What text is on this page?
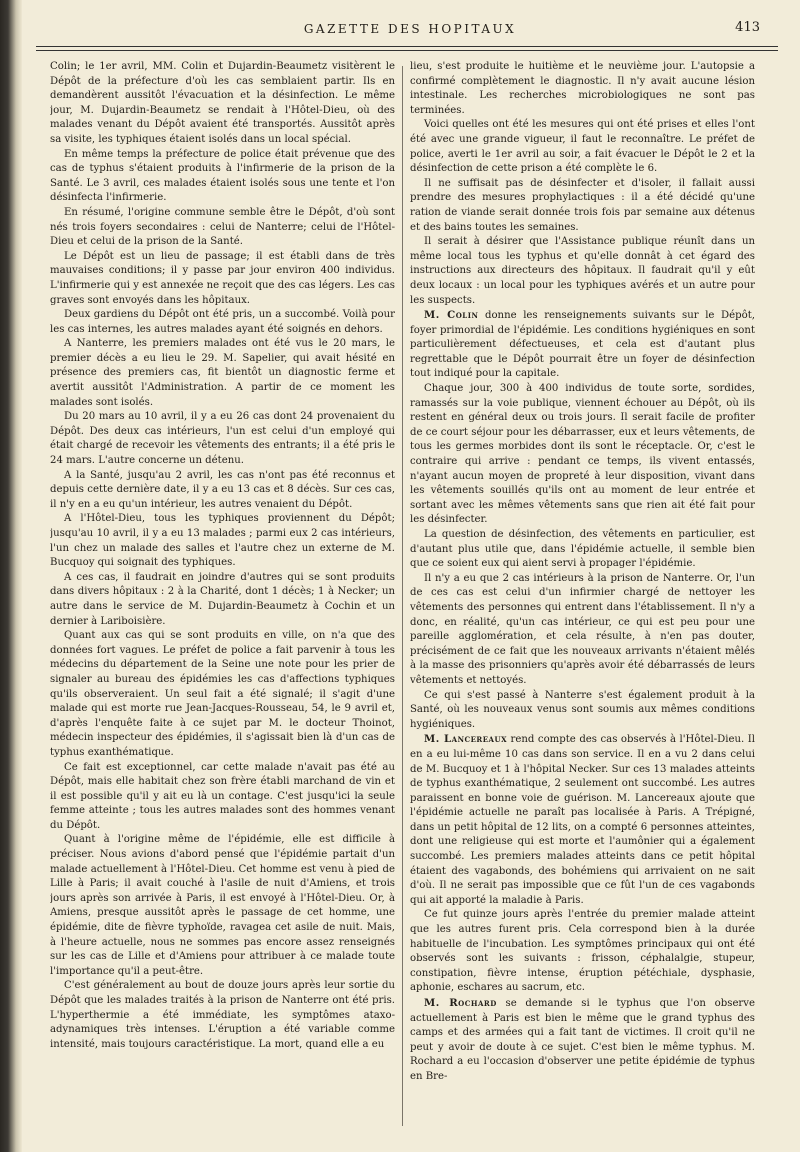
GAZETTE DES HOPITAUX	413

Colin; le 1er avril, MM. Colin et Dujardin-Beaumetz visitèrent le Dépôt de la préfecture d'où les cas semblaient partir. Ils en demandèrent aussitôt l'évacuation et la désinfection. Le même jour, M. Dujardin-Beaumetz se rendait à l'Hôtel-Dieu, où des malades venant du Dépôt avaient été transportés. Aussitôt après sa visite, les typhiques étaient isolés dans un local spécial.

En même temps la préfecture de police était prévenue que des cas de typhus s'étaient produits à l'infirmerie de la prison de la Santé. Le 3 avril, ces malades étaient isolés sous une tente et l'on désinfecta l'infirmerie.

En résumé, l'origine commune semble être le Dépôt, d'où sont nés trois foyers secondaires : celui de Nanterre; celui de l'Hôtel-Dieu et celui de la prison de la Santé.

Le Dépôt est un lieu de passage; il est établi dans de très mauvaises conditions; il y passe par jour environ 400 individus. L'infirmerie qui y est annexée ne reçoit que des cas légers. Les cas graves sont envoyés dans les hôpitaux.

Deux gardiens du Dépôt ont été pris, un a succombé. Voilà pour les cas internes, les autres malades ayant été soignés en dehors.

A Nanterre, les premiers malades ont été vus le 20 mars, le premier décès a eu lieu le 29. M. Sapelier, qui avait hésité en présence des premiers cas, fit bientôt un diagnostic ferme et avertit aussitôt l'Administration. A partir de ce moment les malades sont isolés.

Du 20 mars au 10 avril, il y a eu 26 cas dont 24 provenaient du Dépôt. Des deux cas intérieurs, l'un est celui d'un employé qui était chargé de recevoir les vêtements des entrants; il a été pris le 24 mars. L'autre concerne un détenu.

A la Santé, jusqu'au 2 avril, les cas n'ont pas été reconnus et depuis cette dernière date, il y a eu 13 cas et 8 décès. Sur ces cas, il n'y en a eu qu'un intérieur, les autres venaient du Dépôt.

A l'Hôtel-Dieu, tous les typhiques proviennent du Dépôt; jusqu'au 10 avril, il y a eu 13 malades ; parmi eux 2 cas intérieurs, l'un chez un malade des salles et l'autre chez un externe de M. Bucquoy qui soignait des typhiques.

A ces cas, il faudrait en joindre d'autres qui se sont produits dans divers hôpitaux : 2 à la Charité, dont 1 décès; 1 à Necker; un autre dans le service de M. Dujardin-Beaumetz à Cochin et un dernier à Lariboisière.

Quant aux cas qui se sont produits en ville, on n'a que des données fort vagues. Le préfet de police a fait parvenir à tous les médecins du département de la Seine une note pour les prier de signaler au bureau des épidémies les cas d'affections typhiques qu'ils observeraient. Un seul fait a été signalé; il s'agit d'une malade qui est morte rue Jean-Jacques-Rousseau, 54, le 9 avril et, d'après l'enquête faite à ce sujet par M. le docteur Thoinot, médecin inspecteur des épidémies, il s'agissait bien là d'un cas de typhus exanthématique.

Ce fait est exceptionnel, car cette malade n'avait pas été au Dépôt, mais elle habitait chez son frère établi marchand de vin et il est possible qu'il y ait eu là un contage. C'est jusqu'ici la seule femme atteinte ; tous les autres malades sont des hommes venant du Dépôt.

Quant à l'origine même de l'épidémie, elle est difficile à préciser. Nous avions d'abord pensé que l'épidémie partait d'un malade actuellement à l'Hôtel-Dieu. Cet homme est venu à pied de Lille à Paris; il avait couché à l'asile de nuit d'Amiens, et trois jours après son arrivée à Paris, il est envoyé à l'Hôtel-Dieu. Or, à Amiens, presque aussitôt après le passage de cet homme, une épidémie, dite de fièvre typhoïde, ravagea cet asile de nuit. Mais, à l'heure actuelle, nous ne sommes pas encore assez renseignés sur les cas de Lille et d'Amiens pour attribuer à ce malade toute l'importance qu'il a peut-être.

C'est généralement au bout de douze jours après leur sortie du Dépôt que les malades traités à la prison de Nanterre ont été pris. L'hyperthermie a été immédiate, les symptômes ataxo-adynamiques très intenses. L'éruption a été variable comme intensité, mais toujours caractéristique. La mort, quand elle a eu

lieu, s'est produite le huitième et le neuvième jour. L'autopsie a confirmé complètement le diagnostic. Il n'y avait aucune lésion intestinale. Les recherches microbiologiques ne sont pas terminées.

Voici quelles ont été les mesures qui ont été prises et elles l'ont été avec une grande vigueur, il faut le reconnaître. Le préfet de police, averti le 1er avril au soir, a fait évacuer le Dépôt le 2 et la désinfection de cette prison a été complète le 6.

Il ne suffisait pas de désinfecter et d'isoler, il fallait aussi prendre des mesures prophylactiques : il a été décidé qu'une ration de viande serait donnée trois fois par semaine aux détenus et des bains toutes les semaines.

Il serait à désirer que l'Assistance publique réunît dans un même local tous les typhus et qu'elle donnât à cet égard des instructions aux directeurs des hôpitaux. Il faudrait qu'il y eût deux locaux : un local pour les typhiques avérés et un autre pour les suspects.

M. Colin donne les renseignements suivants sur le Dépôt, foyer primordial de l'épidémie. Les conditions hygiéniques en sont particulièrement défectueuses, et cela est d'autant plus regrettable que le Dépôt pourrait être un foyer de désinfection tout indiqué pour la capitale.

Chaque jour, 300 à 400 individus de toute sorte, sordides, ramassés sur la voie publique, viennent échouer au Dépôt, où ils restent en général deux ou trois jours. Il serait facile de profiter de ce court séjour pour les débarrasser, eux et leurs vêtements, de tous les germes morbides dont ils sont le réceptacle. Or, c'est le contraire qui arrive : pendant ce temps, ils vivent entassés, n'ayant aucun moyen de propreté à leur disposition, vivant dans les vêtements souillés qu'ils ont au moment de leur entrée et sortant avec les mêmes vêtements sans que rien ait été fait pour les désinfecter.

La question de désinfection, des vêtements en particulier, est d'autant plus utile que, dans l'épidémie actuelle, il semble bien que ce soient eux qui aient servi à propager l'épidémie.

Il n'y a eu que 2 cas intérieurs à la prison de Nanterre. Or, l'un de ces cas est celui d'un infirmier chargé de nettoyer les vêtements des personnes qui entrent dans l'établissement. Il n'y a donc, en réalité, qu'un cas intérieur, ce qui est peu pour une pareille agglomération, et cela résulte, à n'en pas douter, précisément de ce fait que les nouveaux arrivants n'étaient mêlés à la masse des prisonniers qu'après avoir été débarrassés de leurs vêtements et nettoyés.

Ce qui s'est passé à Nanterre s'est également produit à la Santé, où les nouveaux venus sont soumis aux mêmes conditions hygiéniques.

M. Lancereaux rend compte des cas observés à l'Hôtel-Dieu. Il en a eu lui-même 10 cas dans son service. Il en a vu 2 dans celui de M. Bucquoy et 1 à l'hôpital Necker. Sur ces 13 malades atteints de typhus exanthématique, 2 seulement ont succombé. Les autres paraissent en bonne voie de guérison. M. Lancereaux ajoute que l'épidémie actuelle ne paraît pas localisée à Paris. A Trépigné, dans un petit hôpital de 12 lits, on a compté 6 personnes atteintes, dont une religieuse qui est morte et l'aumônier qui a également succombé. Les premiers malades atteints dans ce petit hôpital étaient des vagabonds, des bohémiens qui arrivaient on ne sait d'où. Il ne serait pas impossible que ce fût l'un de ces vagabonds qui ait apporté la maladie à Paris.

Ce fut quinze jours après l'entrée du premier malade atteint que les autres furent pris. Cela correspond bien à la durée habituelle de l'incubation. Les symptômes principaux qui ont été observés sont les suivants : frisson, céphalalgie, stupeur, constipation, fièvre intense, éruption pétéchiale, dysphasie, aphonie, eschares au sacrum, etc.

M. Rochard se demande si le typhus que l'on observe actuellement à Paris est bien le même que le grand typhus des camps et des armées qui a fait tant de victimes. Il croit qu'il ne peut y avoir de doute à ce sujet. C'est bien le même typhus. M. Rochard a eu l'occasion d'observer une petite épidémie de typhus en Bre-
